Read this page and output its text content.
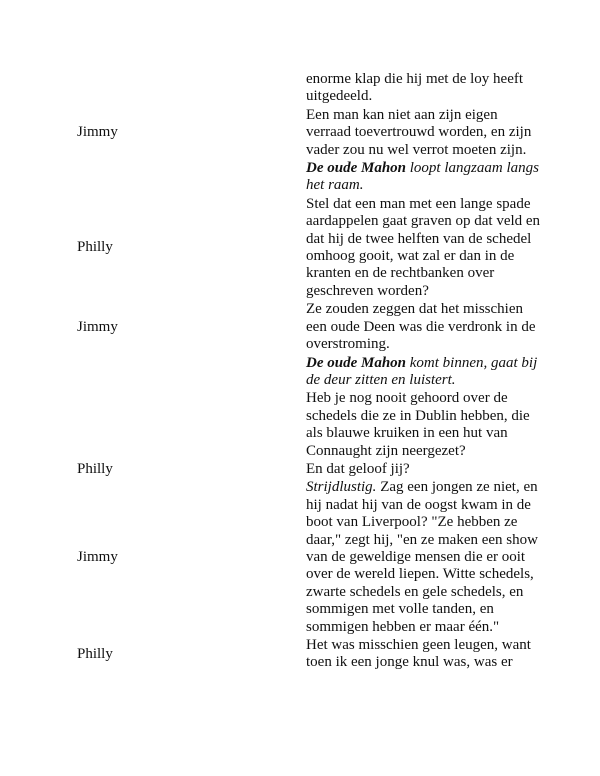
	enorme klap die hij met de loy heeft uitgedeeld.
Jimmy	Een man kan niet aan zijn eigen verraad toevertrouwd worden, en zijn vader zou nu wel verrot moeten zijn.
	De oude Mahon loopt langzaam langs het raam.
Philly	Stel dat een man met een lange spade aardappelen gaat graven op dat veld en dat hij de twee helften van de schedel omhoog gooit, wat zal er dan in de kranten en de rechtbanken over geschreven worden?
Jimmy	Ze zouden zeggen dat het misschien een oude Deen was die verdronk in de overstroming.
	De oude Mahon komt binnen, gaat bij de deur zitten en luistert.
	Heb je nog nooit gehoord over de schedels die ze in Dublin hebben, die als blauwe kruiken in een hut van Connaught zijn neergezet?
Philly	En dat geloof jij?
Jimmy	Strijdlustig. Zag een jongen ze niet, en hij nadat hij van de oogst kwam in de boot van Liverpool? "Ze hebben ze daar," zegt hij, "en ze maken een show van de geweldige mensen die er ooit over de wereld liepen. Witte schedels, zwarte schedels en gele schedels, en sommigen met volle tanden, en sommigen hebben er maar één."
Philly	Het was misschien geen leugen, want toen ik een jonge knul was, was er
